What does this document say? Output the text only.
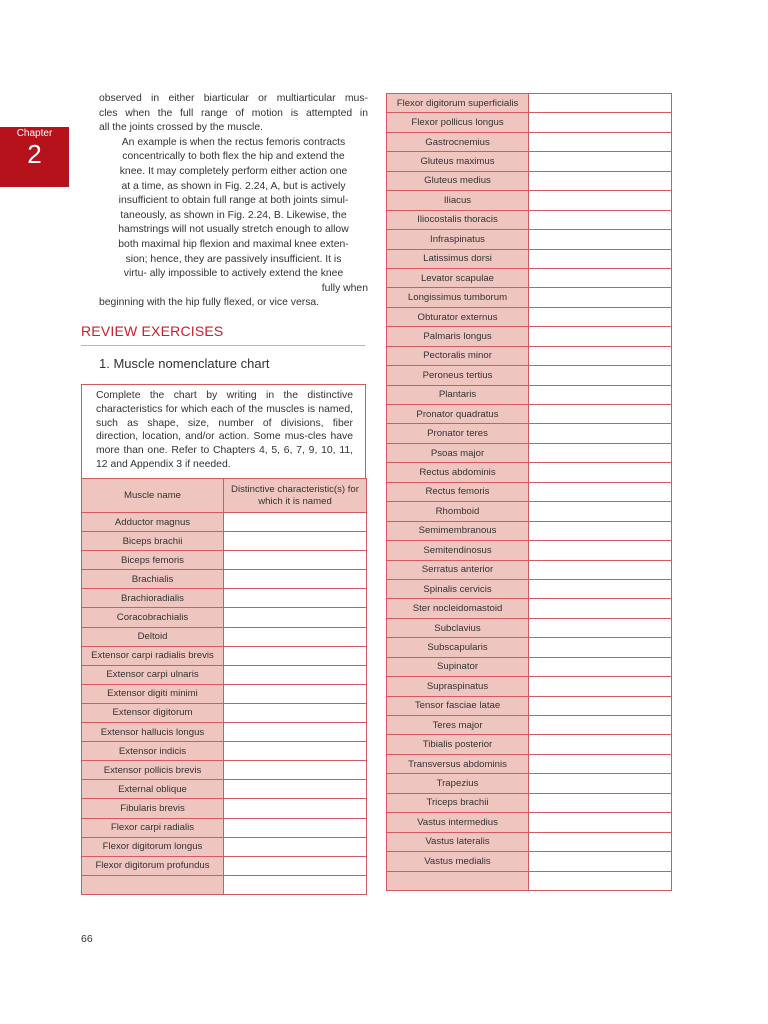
Chapter
2
observed in either biarticular or multiarticular mus-
cles when the full range of motion is attempted in
all the joints crossed by the muscle.
An example is when the rectus femoris contracts
concentrically to both flex the hip and extend the
knee. It may completely perform either action one
at a time, as shown in Fig. 2.24, A, but is actively
insufficient to obtain full range at both joints simul-
taneously, as shown in Fig. 2.24, B. Likewise, the
hamstrings will not usually stretch enough to allow
both maximal hip flexion and maximal knee exten-
sion; hence, they are passively insufficient. It is
virtu- ally impossible to actively extend the knee
fully when
beginning with the hip fully flexed, or vice versa.
REVIEW EXERCISES
1. Muscle nomenclature chart
Complete the chart by writing in the distinctive characteristics for which each of the muscles is named, such as shape, size, number of divisions, fiber direction, location, and/or action. Some mus-cles have more than one. Refer to Chapters 4, 5, 6, 7, 9, 10, 11, 12 and Appendix 3 if needed.
Muscle name	Distinctive characteristic(s) for which it is named
Adductor magnus	
Biceps brachii	
Biceps femoris	
Brachialis	
Brachioradialis	
Coracobrachialis	
Deltoid	
Extensor carpi radialis brevis	
Extensor carpi ulnaris	
Extensor digiti minimi	
Extensor digitorum	
Extensor hallucis longus	
Extensor indicis	
Extensor pollicis brevis	
External oblique	
Fibularis brevis	
Flexor carpi radialis	
Flexor digitorum longus	
Flexor digitorum profundus	

Flexor digitorum superficialis	
Flexor pollicus longus	
Gastrocnemius	
Gluteus maximus	
Gluteus medius	
Iliacus	
Iliocostalis thoracis	
Infraspinatus	
Latissimus dorsi	
Levator scapulae	
Longissimus tumborum	
Obturator externus	
Palmaris longus	
Pectoralis minor	
Peroneus tertius	
Plantaris	
Pronator quadratus	
Pronator teres	
Psoas major	
Rectus abdominis	
Rectus femoris	
Rhomboid	
Semimembranous	
Semitendinosus	
Serratus anterior	
Spinalis cervicis	
Ster nocleidomastoid	
Subclavius	
Subscapularis	
Supinator	
Supraspinatus	
Tensor fasciae latae	
Teres major	
Tibialis posterior	
Transversus abdominis	
Trapezius	
Triceps brachii	
Vastus intermedius	
Vastus lateralis	
Vastus medialis	

66
